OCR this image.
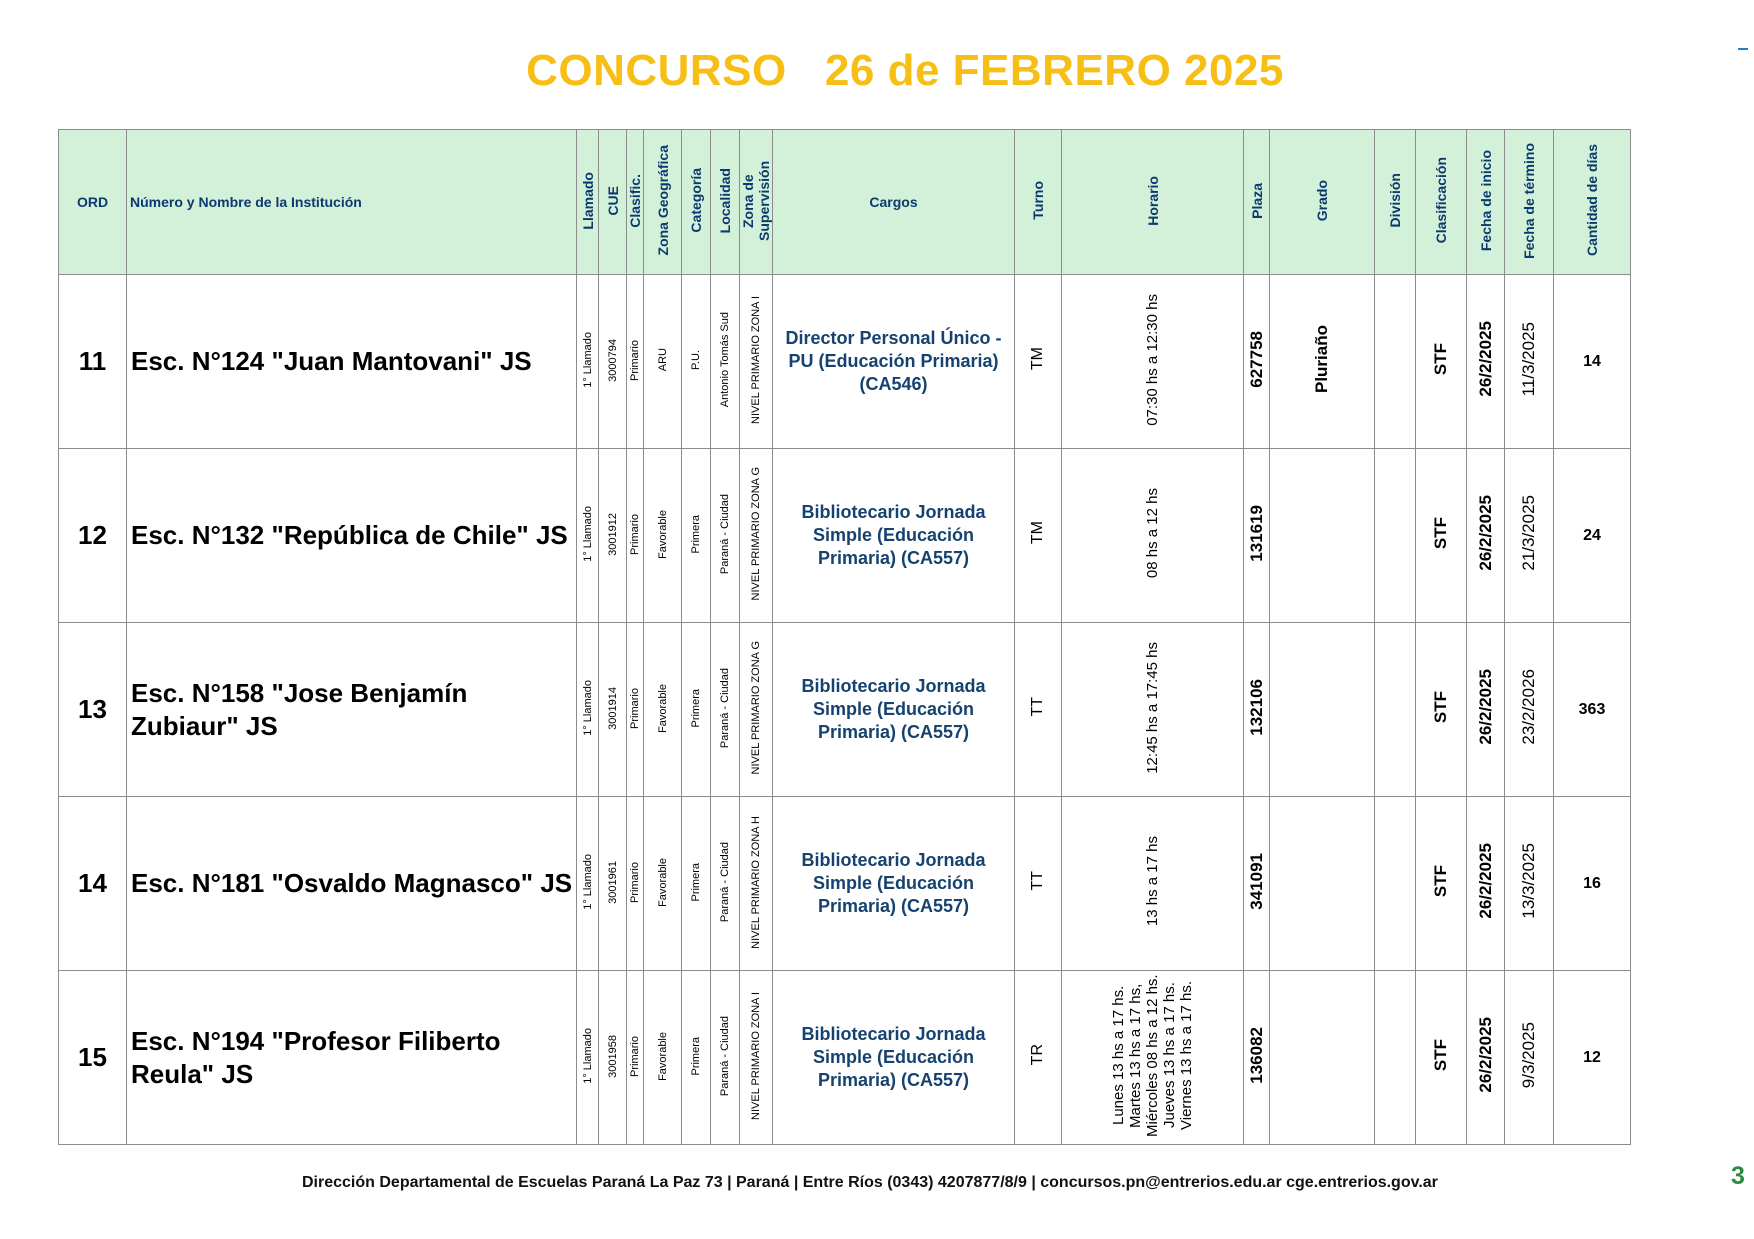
CONCURSO   26 de FEBRERO 2025
ORD	Número y Nombre de la Institución	Llamado	CUE	Clasific.	Zona Geográfica	Categoría	Localidad	Zona de Supervisión	Cargos	Turno	Horario	Plaza	Grado	División	Clasificación	Fecha de inicio	Fecha de término	Cantidad de días
11	Esc. N°124 "Juan Mantovani" JS	1° Llamado	3000794	Primario	ARU	P.U.	Antonio Tomás Sud	NIVEL PRIMARIO ZONA I	Director Personal Único - PU (Educación Primaria) (CA546)	TM	07:30 hs a 12:30 hs	627758	Pluriaño		STF	26/2/2025	11/3/2025	14
12	Esc. N°132 "República de Chile" JS	1° Llamado	3001912	Primario	Favorable	Primera	Paraná - Ciudad	NIVEL PRIMARIO ZONA G	Bibliotecario Jornada Simple (Educación Primaria) (CA557)	TM	08 hs a 12 hs	131619			STF	26/2/2025	21/3/2025	24
13	Esc. N°158 "Jose Benjamín Zubiaur" JS	1° Llamado	3001914	Primario	Favorable	Primera	Paraná - Ciudad	NIVEL PRIMARIO ZONA G	Bibliotecario Jornada Simple (Educación Primaria) (CA557)	TT	12:45 hs a 17:45 hs	132106			STF	26/2/2025	23/2/2026	363
14	Esc. N°181 "Osvaldo Magnasco" JS	1° Llamado	3001961	Primario	Favorable	Primera	Paraná - Ciudad	NIVEL PRIMARIO ZONA H	Bibliotecario Jornada Simple (Educación Primaria) (CA557)	TT	13 hs a 17 hs	341091			STF	26/2/2025	13/3/2025	16
15	Esc. N°194 "Profesor Filiberto Reula" JS	1° Llamado	3001958	Primario	Favorable	Primera	Paraná - Ciudad	NIVEL PRIMARIO ZONA I	Bibliotecario Jornada Simple (Educación Primaria) (CA557)	TR	Lunes 13 hs a 17 hs. Martes 13 hs a 17 hs, Miércoles 08 hs a 12 hs. Jueves 13 hs a 17 hs. Viernes 13 hs a 17 hs.	136082			STF	26/2/2025	9/3/2025	12
Dirección Departamental de Escuelas Paraná La Paz 73 | Paraná | Entre Ríos (0343) 4207877/8/9 | concursos.pn@entrerios.edu.ar cge.entrerios.gov.ar	3
